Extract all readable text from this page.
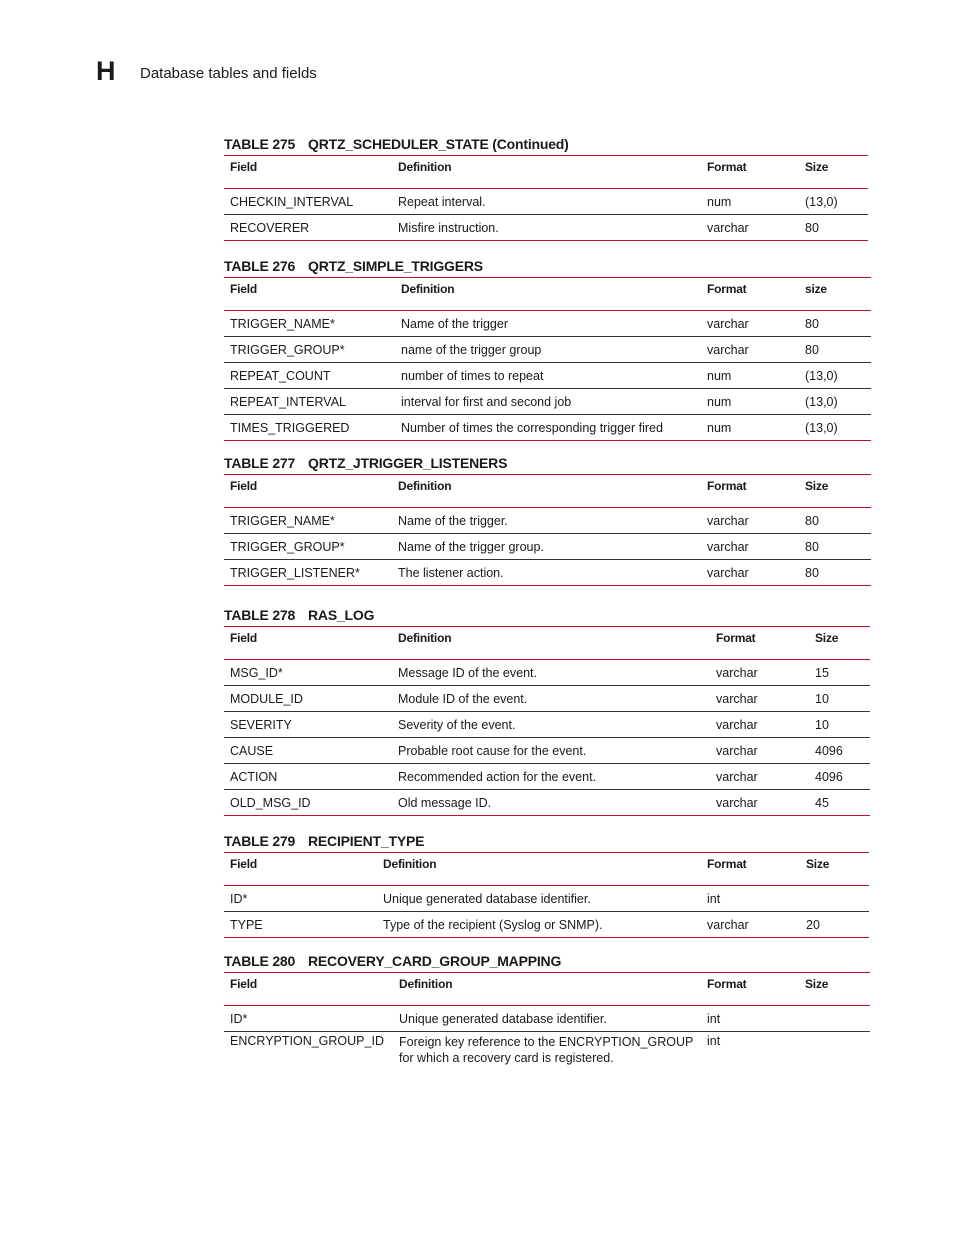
H Database tables and fields
TABLE 275 QRTZ_SCHEDULER_STATE (Continued)
Field	Definition	Format	Size
CHECKIN_INTERVAL	Repeat interval.	num	(13,0)
RECOVERER	Misfire instruction.	varchar	80
TABLE 276 QRTZ_SIMPLE_TRIGGERS
Field	Definition	Format	size
TRIGGER_NAME*	Name of the trigger	varchar	80
TRIGGER_GROUP*	name of the trigger group	varchar	80
REPEAT_COUNT	number of times to repeat	num	(13,0)
REPEAT_INTERVAL	interval for first and second job	num	(13,0)
TIMES_TRIGGERED	Number of times the corresponding trigger fired	num	(13,0)
TABLE 277 QRTZ_JTRIGGER_LISTENERS
Field	Definition	Format	Size
TRIGGER_NAME*	Name of the trigger.	varchar	80
TRIGGER_GROUP*	Name of the trigger group.	varchar	80
TRIGGER_LISTENER*	The listener action.	varchar	80
TABLE 278 RAS_LOG
Field	Definition	Format	Size
MSG_ID*	Message ID of the event.	varchar	15
MODULE_ID	Module ID of the event.	varchar	10
SEVERITY	Severity of the event.	varchar	10
CAUSE	Probable root cause for the event.	varchar	4096
ACTION	Recommended action for the event.	varchar	4096
OLD_MSG_ID	Old message ID.	varchar	45
TABLE 279 RECIPIENT_TYPE
Field	Definition	Format	Size
ID*	Unique generated database identifier.	int	
TYPE	Type of the recipient (Syslog or SNMP).	varchar	20
TABLE 280 RECOVERY_CARD_GROUP_MAPPING
Field	Definition	Format	Size
ID*	Unique generated database identifier.	int	
ENCRYPTION_GROUP_ID	Foreign key reference to the ENCRYPTION_GROUP for which a recovery card is registered.	int	
